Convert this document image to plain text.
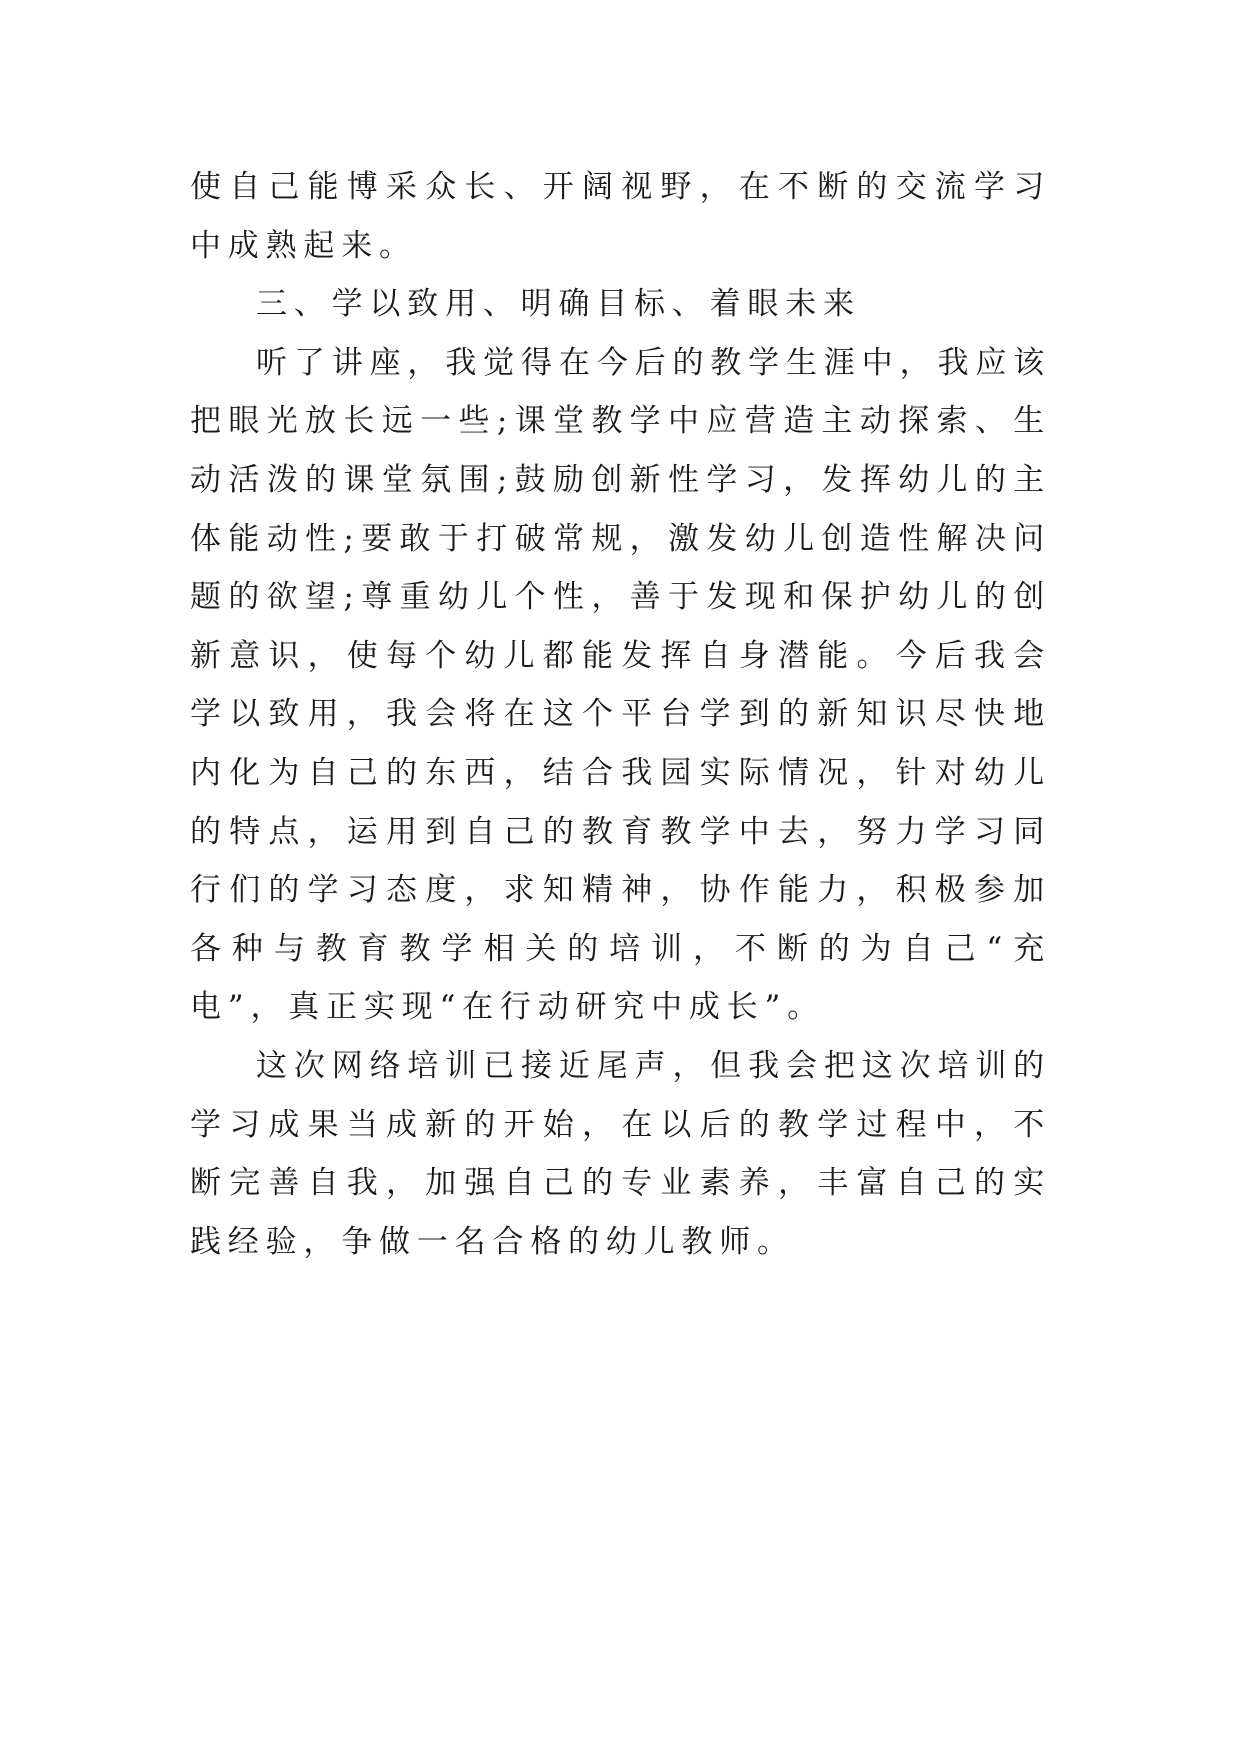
使自己能博采众长、开阔视野，在不断的交流学习中成熟起来。

三、学以致用、明确目标、着眼未来

听了讲座，我觉得在今后的教学生涯中，我应该把眼光放长远一些;课堂教学中应营造主动探索、生动活泼的课堂氛围;鼓励创新性学习，发挥幼儿的主体能动性;要敢于打破常规，激发幼儿创造性解决问题的欲望;尊重幼儿个性，善于发现和保护幼儿的创新意识，使每个幼儿都能发挥自身潜能。今后我会学以致用，我会将在这个平台学到的新知识尽快地内化为自己的东西，结合我园实际情况，针对幼儿的特点，运用到自己的教育教学中去，努力学习同行们的学习态度，求知精神，协作能力，积极参加各种与教育教学相关的培训，不断的为自己“充电”，真正实现“在行动研究中成长”。

这次网络培训已接近尾声，但我会把这次培训的学习成果当成新的开始，在以后的教学过程中，不断完善自我，加强自己的专业素养，丰富自己的实践经验，争做一名合格的幼儿教师。
